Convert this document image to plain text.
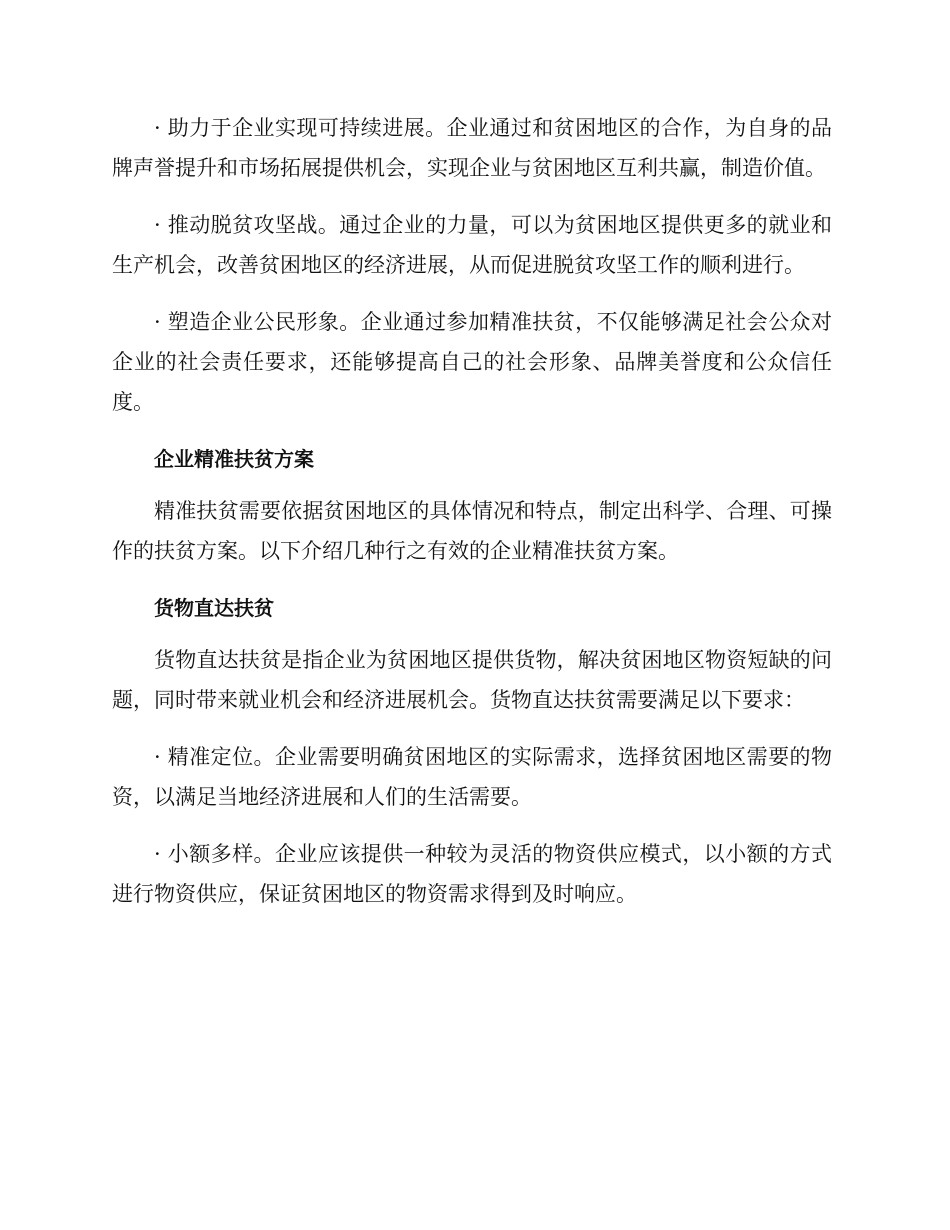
· 助力于企业实现可持续进展。企业通过和贫困地区的合作，为自身的品牌声誉提升和市场拓展提供机会，实现企业与贫困地区互利共赢，制造价值。

· 推动脱贫攻坚战。通过企业的力量，可以为贫困地区提供更多的就业和生产机会，改善贫困地区的经济进展，从而促进脱贫攻坚工作的顺利进行。

· 塑造企业公民形象。企业通过参加精准扶贫，不仅能够满足社会公众对企业的社会责任要求，还能够提高自己的社会形象、品牌美誉度和公众信任度。

企业精准扶贫方案

精准扶贫需要依据贫困地区的具体情况和特点，制定出科学、合理、可操作的扶贫方案。以下介绍几种行之有效的企业精准扶贫方案。

货物直达扶贫

货物直达扶贫是指企业为贫困地区提供货物，解决贫困地区物资短缺的问题，同时带来就业机会和经济进展机会。货物直达扶贫需要满足以下要求：

· 精准定位。企业需要明确贫困地区的实际需求，选择贫困地区需要的物资，以满足当地经济进展和人们的生活需要。

· 小额多样。企业应该提供一种较为灵活的物资供应模式，以小额的方式进行物资供应，保证贫困地区的物资需求得到及时响应。
